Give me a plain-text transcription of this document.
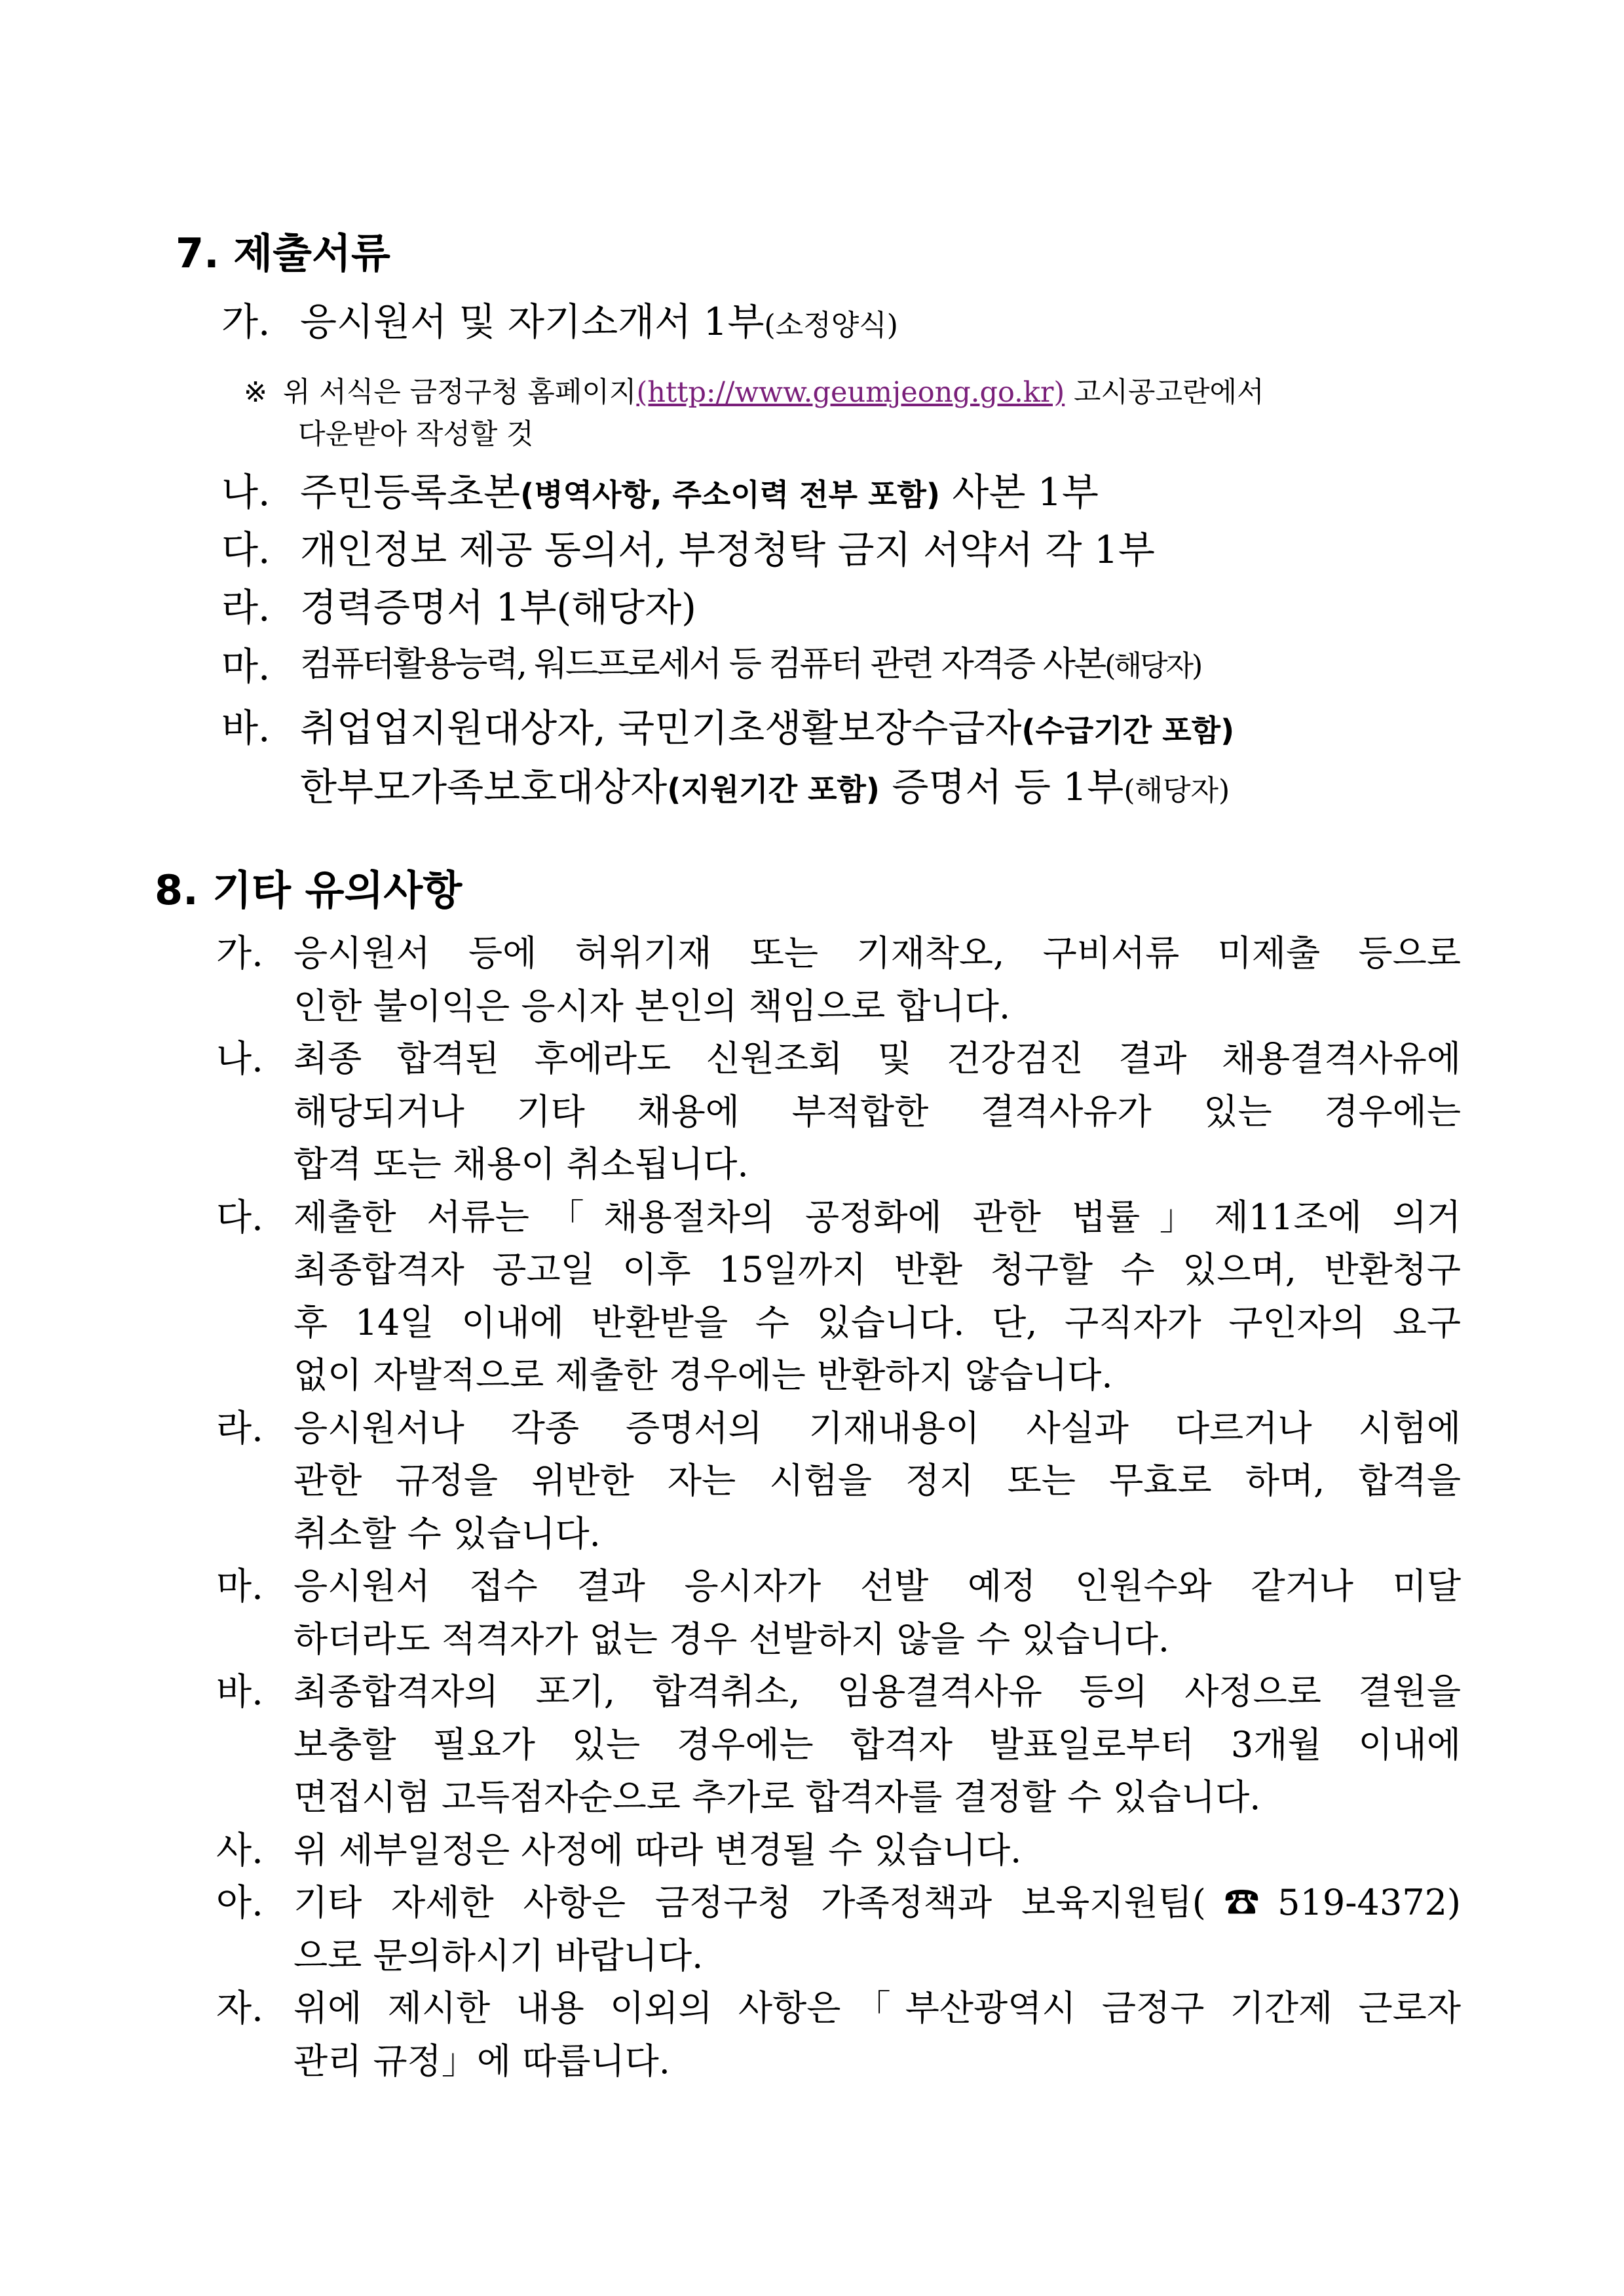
7. 제출서류
가. 응시원서 및 자기소개서 1부(소정양식)
※ 위 서식은 금정구청 홈페이지(http://www.geumjeong.go.kr) 고시공고란에서
다운받아 작성할 것
나. 주민등록초본(병역사항, 주소이력 전부 포함) 사본 1부
다. 개인정보 제공 동의서, 부정청탁 금지 서약서 각 1부
라. 경력증명서 1부(해당자)
마. 컴퓨터활용능력, 워드프로세서 등 컴퓨터 관련 자격증 사본(해당자)
바. 취업업지원대상자, 국민기초생활보장수급자(수급기간 포함)
한부모가족보호대상자(지원기간 포함) 증명서 등 1부(해당자)
8. 기타 유의사항
가. 응시원서 등에 허위기재 또는 기재착오, 구비서류 미제출 등으로
인한 불이익은 응시자 본인의 책임으로 합니다.
나. 최종 합격된 후에라도 신원조회 및 건강검진 결과 채용결격사유에
해당되거나 기타 채용에 부적합한 결격사유가 있는 경우에는
합격 또는 채용이 취소됩니다.
다. 제출한 서류는「채용절차의 공정화에 관한 법률」제11조에 의거
최종합격자 공고일 이후 15일까지 반환 청구할 수 있으며, 반환청구
후 14일 이내에 반환받을 수 있습니다. 단, 구직자가 구인자의 요구
없이 자발적으로 제출한 경우에는 반환하지 않습니다.
라. 응시원서나 각종 증명서의 기재내용이 사실과 다르거나 시험에
관한 규정을 위반한 자는 시험을 정지 또는 무효로 하며, 합격을
취소할 수 있습니다.
마. 응시원서 접수 결과 응시자가 선발 예정 인원수와 같거나 미달
하더라도 적격자가 없는 경우 선발하지 않을 수 있습니다.
바. 최종합격자의 포기, 합격취소, 임용결격사유 등의 사정으로 결원을
보충할 필요가 있는 경우에는 합격자 발표일로부터 3개월 이내에
면접시험 고득점자순으로 추가로 합격자를 결정할 수 있습니다.
사. 위 세부일정은 사정에 따라 변경될 수 있습니다.
아. 기타 자세한 사항은 금정구청 가족정책과 보육지원팀(☎519-4372)
으로 문의하시기 바랍니다.
자. 위에 제시한 내용 이외의 사항은「부산광역시 금정구 기간제 근로자
관리 규정」에 따릅니다.
